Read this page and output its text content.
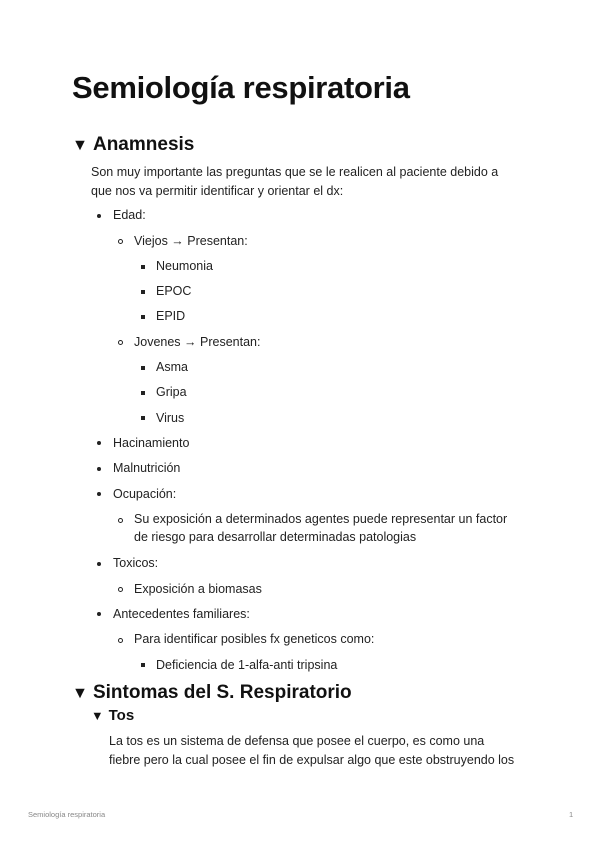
Semiología respiratoria
▼ Anamnesis
Son muy importante las preguntas que se le realicen al paciente debido a
que nos va permitir identificar y orientar el dx:
Edad:
Viejos → Presentan:
Neumonia
EPOC
EPID
Jovenes → Presentan:
Asma
Gripa
Virus
Hacinamiento
Malnutrición
Ocupación:
Su exposición a determinados agentes puede representar un factor
de riesgo para desarrollar determinadas patologias
Toxicos:
Exposición a biomasas
Antecedentes familiares:
Para identificar posibles fx geneticos como:
Deficiencia de 1-alfa-anti tripsina
▼ Sintomas del S. Respiratorio
▼ Tos
La tos es un sistema de defensa que posee el cuerpo, es como una
fiebre pero la cual posee el fin de expulsar algo que este obstruyendo los
Semiología respiratoria	1
